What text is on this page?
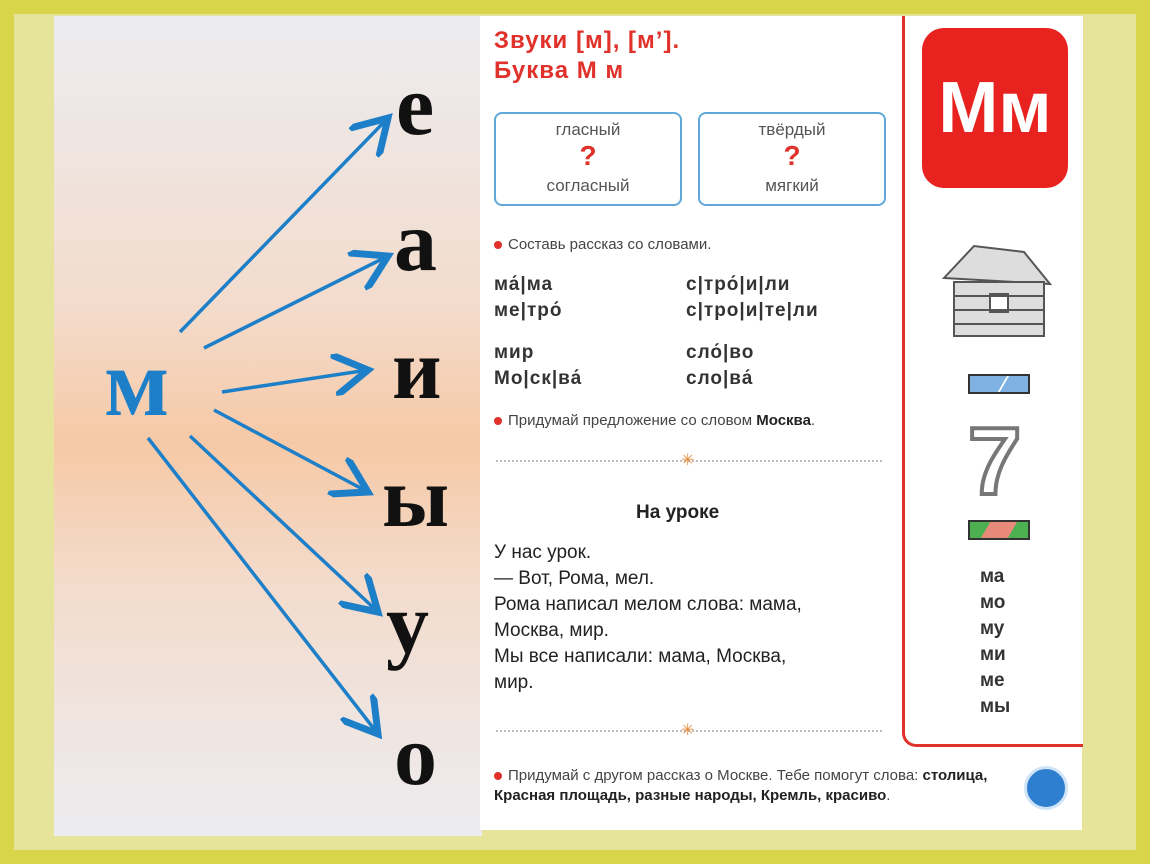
м
е
а
и
ы
у
о
Звуки [м], [м’].
Буква М м
гласный
?
согласный
твёрдый
?
мягкий
Составь рассказ со словами.
ма́|ма
ме|тро́
мир
Мо|ск|ва́
с|тро́|и|ли
с|тро|и|те|ли
сло́|во
сло|ва́
Придумай предложение со словом Москва.
✳
На уроке
У нас урок.
— Вот, Рома, мел.
Рома написал мелом слова: мама,
Москва, мир.
Мы все написали: мама, Москва,
мир.
✳
Мм
7
ма
мо
му
ми
ме
мы
Придумай с другом рассказ о Москве. Тебе помогут слова: столица, Красная площадь, разные народы, Кремль, красиво.
